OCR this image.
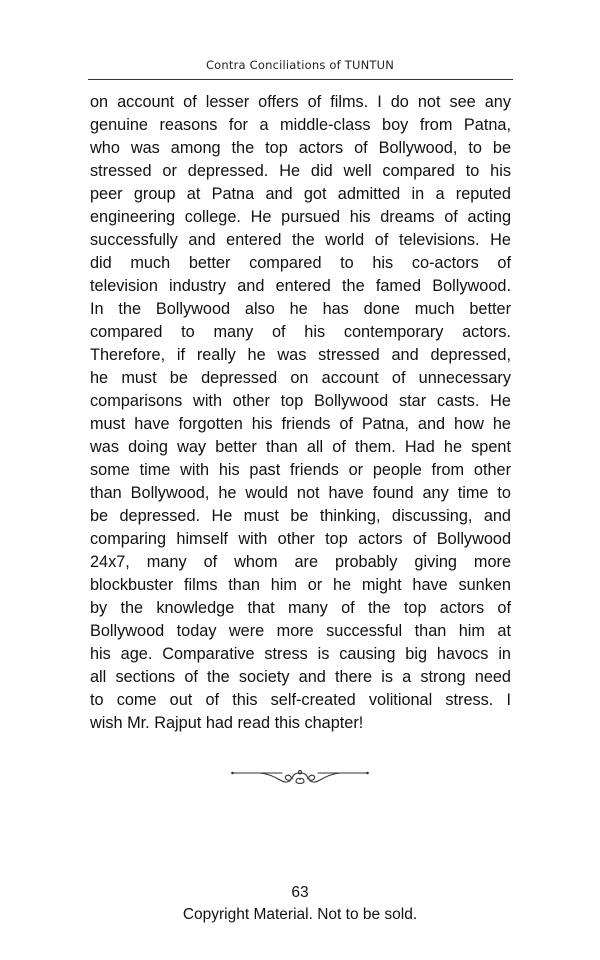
Contra Conciliations of TUNTUN
on account of lesser offers of films. I do not see any
genuine reasons for a middle-class boy from Patna,
who was among the top actors of Bollywood, to be
stressed or depressed. He did well compared to his
peer group at Patna and got admitted in a reputed
engineering college. He pursued his dreams of acting
successfully and entered the world of televisions. He
did much better compared to his co-actors of
television industry and entered the famed Bollywood.
In the Bollywood also he has done much better
compared to many of his contemporary actors.
Therefore, if really he was stressed and depressed,
he must be depressed on account of unnecessary
comparisons with other top Bollywood star casts. He
must have forgotten his friends of Patna, and how he
was doing way better than all of them. Had he spent
some time with his past friends or people from other
than Bollywood, he would not have found any time to
be depressed. He must be thinking, discussing, and
comparing himself with other top actors of Bollywood
24x7, many of whom are probably giving more
blockbuster films than him or he might have sunken
by the knowledge that many of the top actors of
Bollywood today were more successful than him at
his age. Comparative stress is causing big havocs in
all sections of the society and there is a strong need
to come out of this self-created volitional stress. I
wish Mr. Rajput had read this chapter!
63
Copyright Material. Not to be sold.
